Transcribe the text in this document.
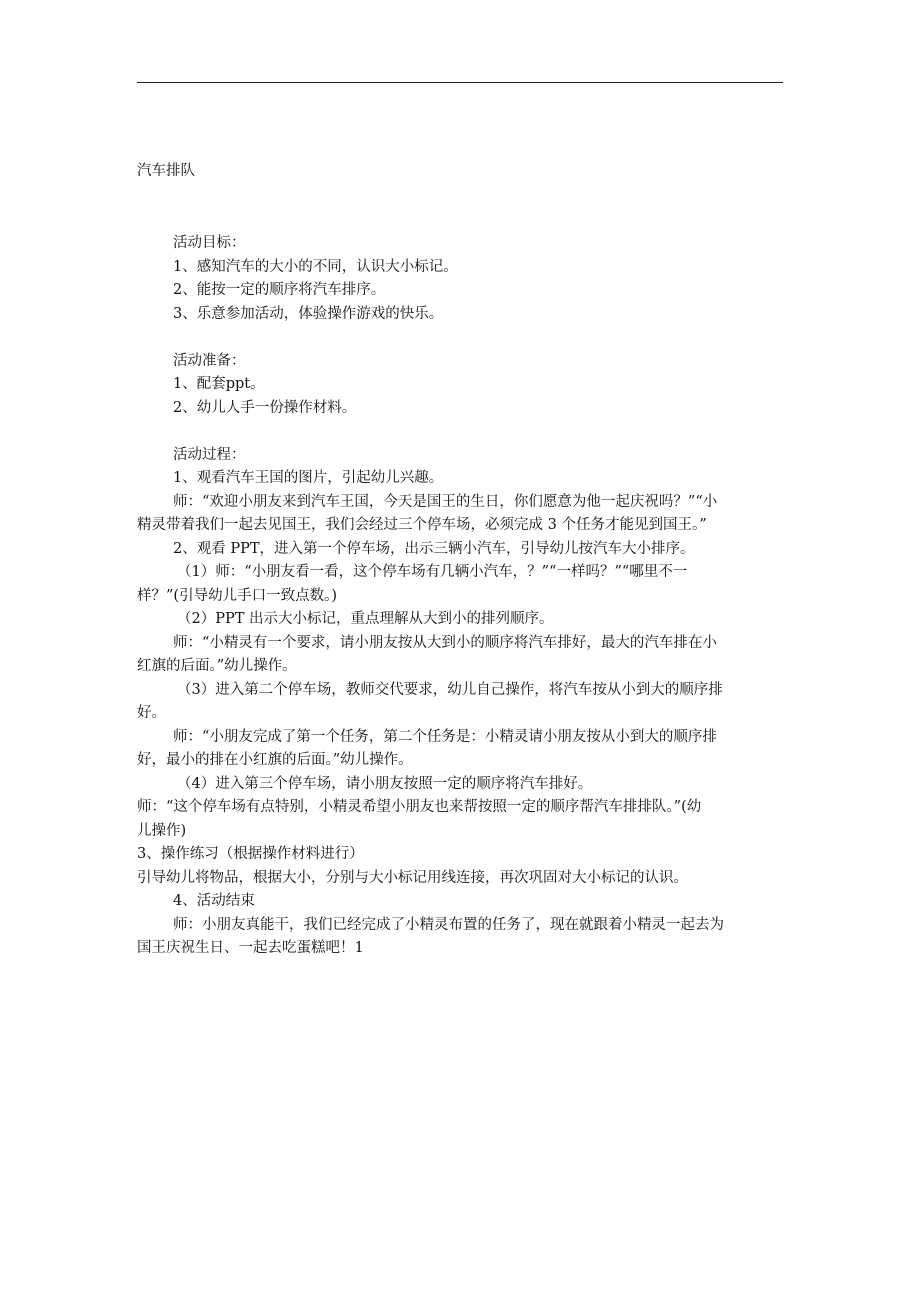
汽车排队
活动目标：
1、感知汽车的大小的不同，认识大小标记。
2、能按一定的顺序将汽车排序。
3、乐意参加活动，体验操作游戏的快乐。
活动准备：
1、配套ppt。
2、幼儿人手一份操作材料。
活动过程：
1、观看汽车王国的图片，引起幼儿兴趣。
师：“欢迎小朋友来到汽车王国，今天是国王的生日，你们愿意为他一起庆祝吗？”“小
精灵带着我们一起去见国王，我们会经过三个停车场，必须完成 3 个任务才能见到国王。”
2、观看 PPT，进入第一个停车场，出示三辆小汽车，引导幼儿按汽车大小排序。
（1）师：“小朋友看一看，这个停车场有几辆小汽车，？”“一样吗？”“哪里不一
样？”(引导幼儿手口一致点数。)
（2）PPT 出示大小标记，重点理解从大到小的排列顺序。
师：“小精灵有一个要求，请小朋友按从大到小的顺序将汽车排好，最大的汽车排在小
红旗的后面。”幼儿操作。
（3）进入第二个停车场，教师交代要求，幼儿自己操作，将汽车按从小到大的顺序排
好。
师：“小朋友完成了第一个任务，第二个任务是：小精灵请小朋友按从小到大的顺序排
好，最小的排在小红旗的后面。”幼儿操作。
（4）进入第三个停车场，请小朋友按照一定的顺序将汽车排好。
师：“这个停车场有点特别，小精灵希望小朋友也来帮按照一定的顺序帮汽车排排队。”(幼
儿操作)
3、操作练习（根据操作材料进行）
引导幼儿将物品，根据大小，分别与大小标记用线连接，再次巩固对大小标记的认识。
4、活动结束
师：小朋友真能干，我们已经完成了小精灵布置的任务了，现在就跟着小精灵一起去为
国王庆祝生日、一起去吃蛋糕吧！1
